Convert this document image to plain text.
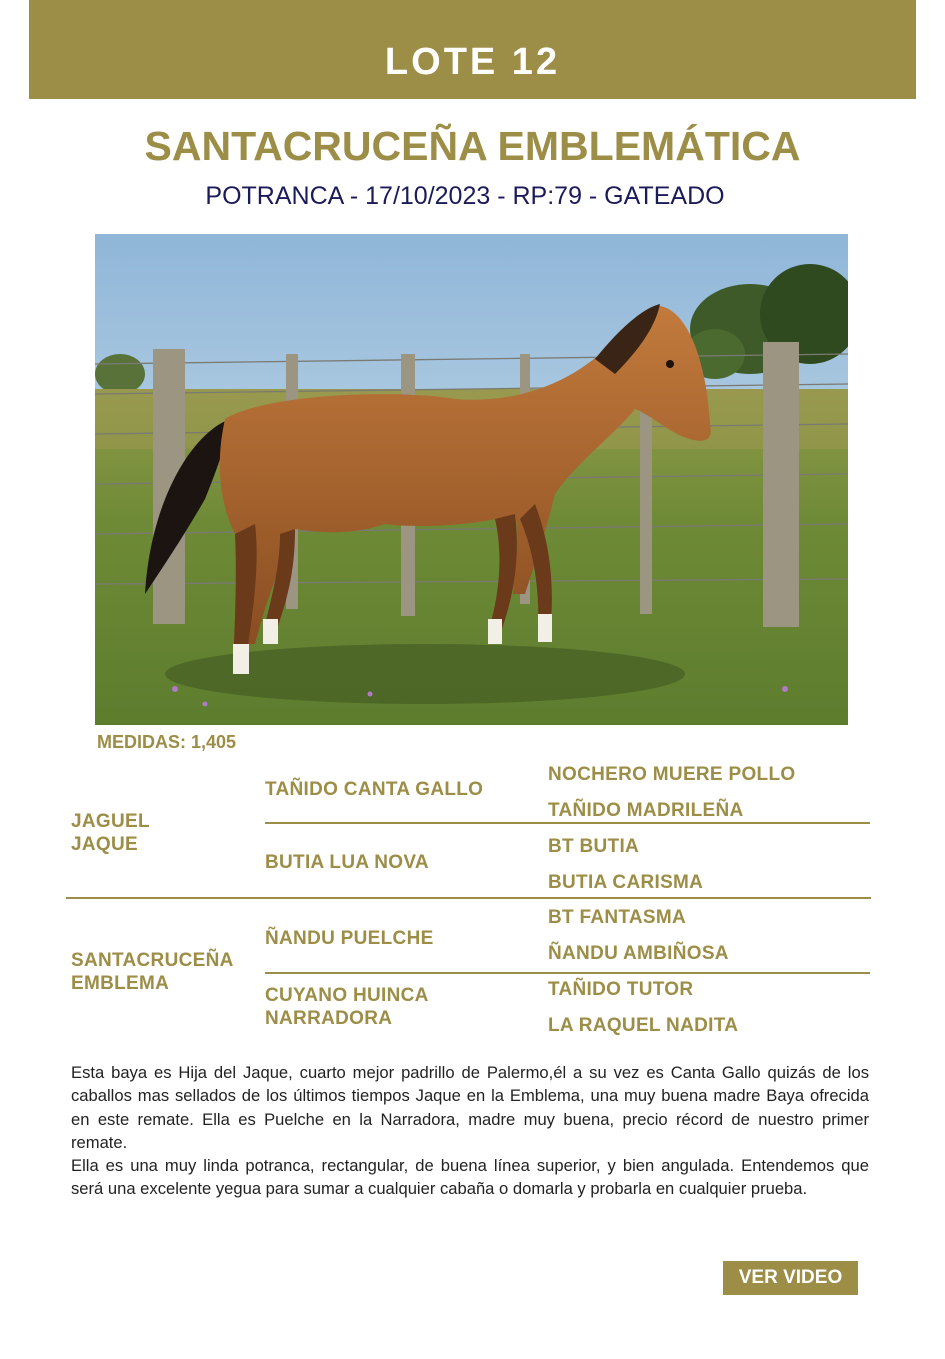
LOTE 12
SANTACRUCEÑA EMBLEMÁTICA
POTRANCA - 17/10/2023 - RP:79 - GATEADO
MEDIDAS: 1,405
JAGUEL
JAQUE
TAÑIDO CANTA GALLO
BUTIA LUA NOVA
NOCHERO MUERE POLLO
TAÑIDO MADRILEÑA
BT BUTIA
BUTIA CARISMA
SANTACRUCEÑA
EMBLEMA
ÑANDU PUELCHE
CUYANO HUINCA
NARRADORA
BT FANTASMA
ÑANDU AMBIÑOSA
TAÑIDO TUTOR
LA RAQUEL NADITA

Esta baya es Hija del Jaque, cuarto mejor padrillo de Palermo,él a su vez es Canta Gallo quizás de los caballos mas sellados de los últimos tiempos Jaque en la Emblema, una muy buena madre Baya ofrecida en este remate. Ella es Puelche en la Narradora, madre muy buena, precio récord de nuestro primer remate.

Ella es una muy linda potranca, rectangular, de buena línea superior, y bien angulada. Entendemos que será una excelente yegua para sumar a cualquier cabaña o domarla y probarla en cualquier prueba.

VER VIDEO
